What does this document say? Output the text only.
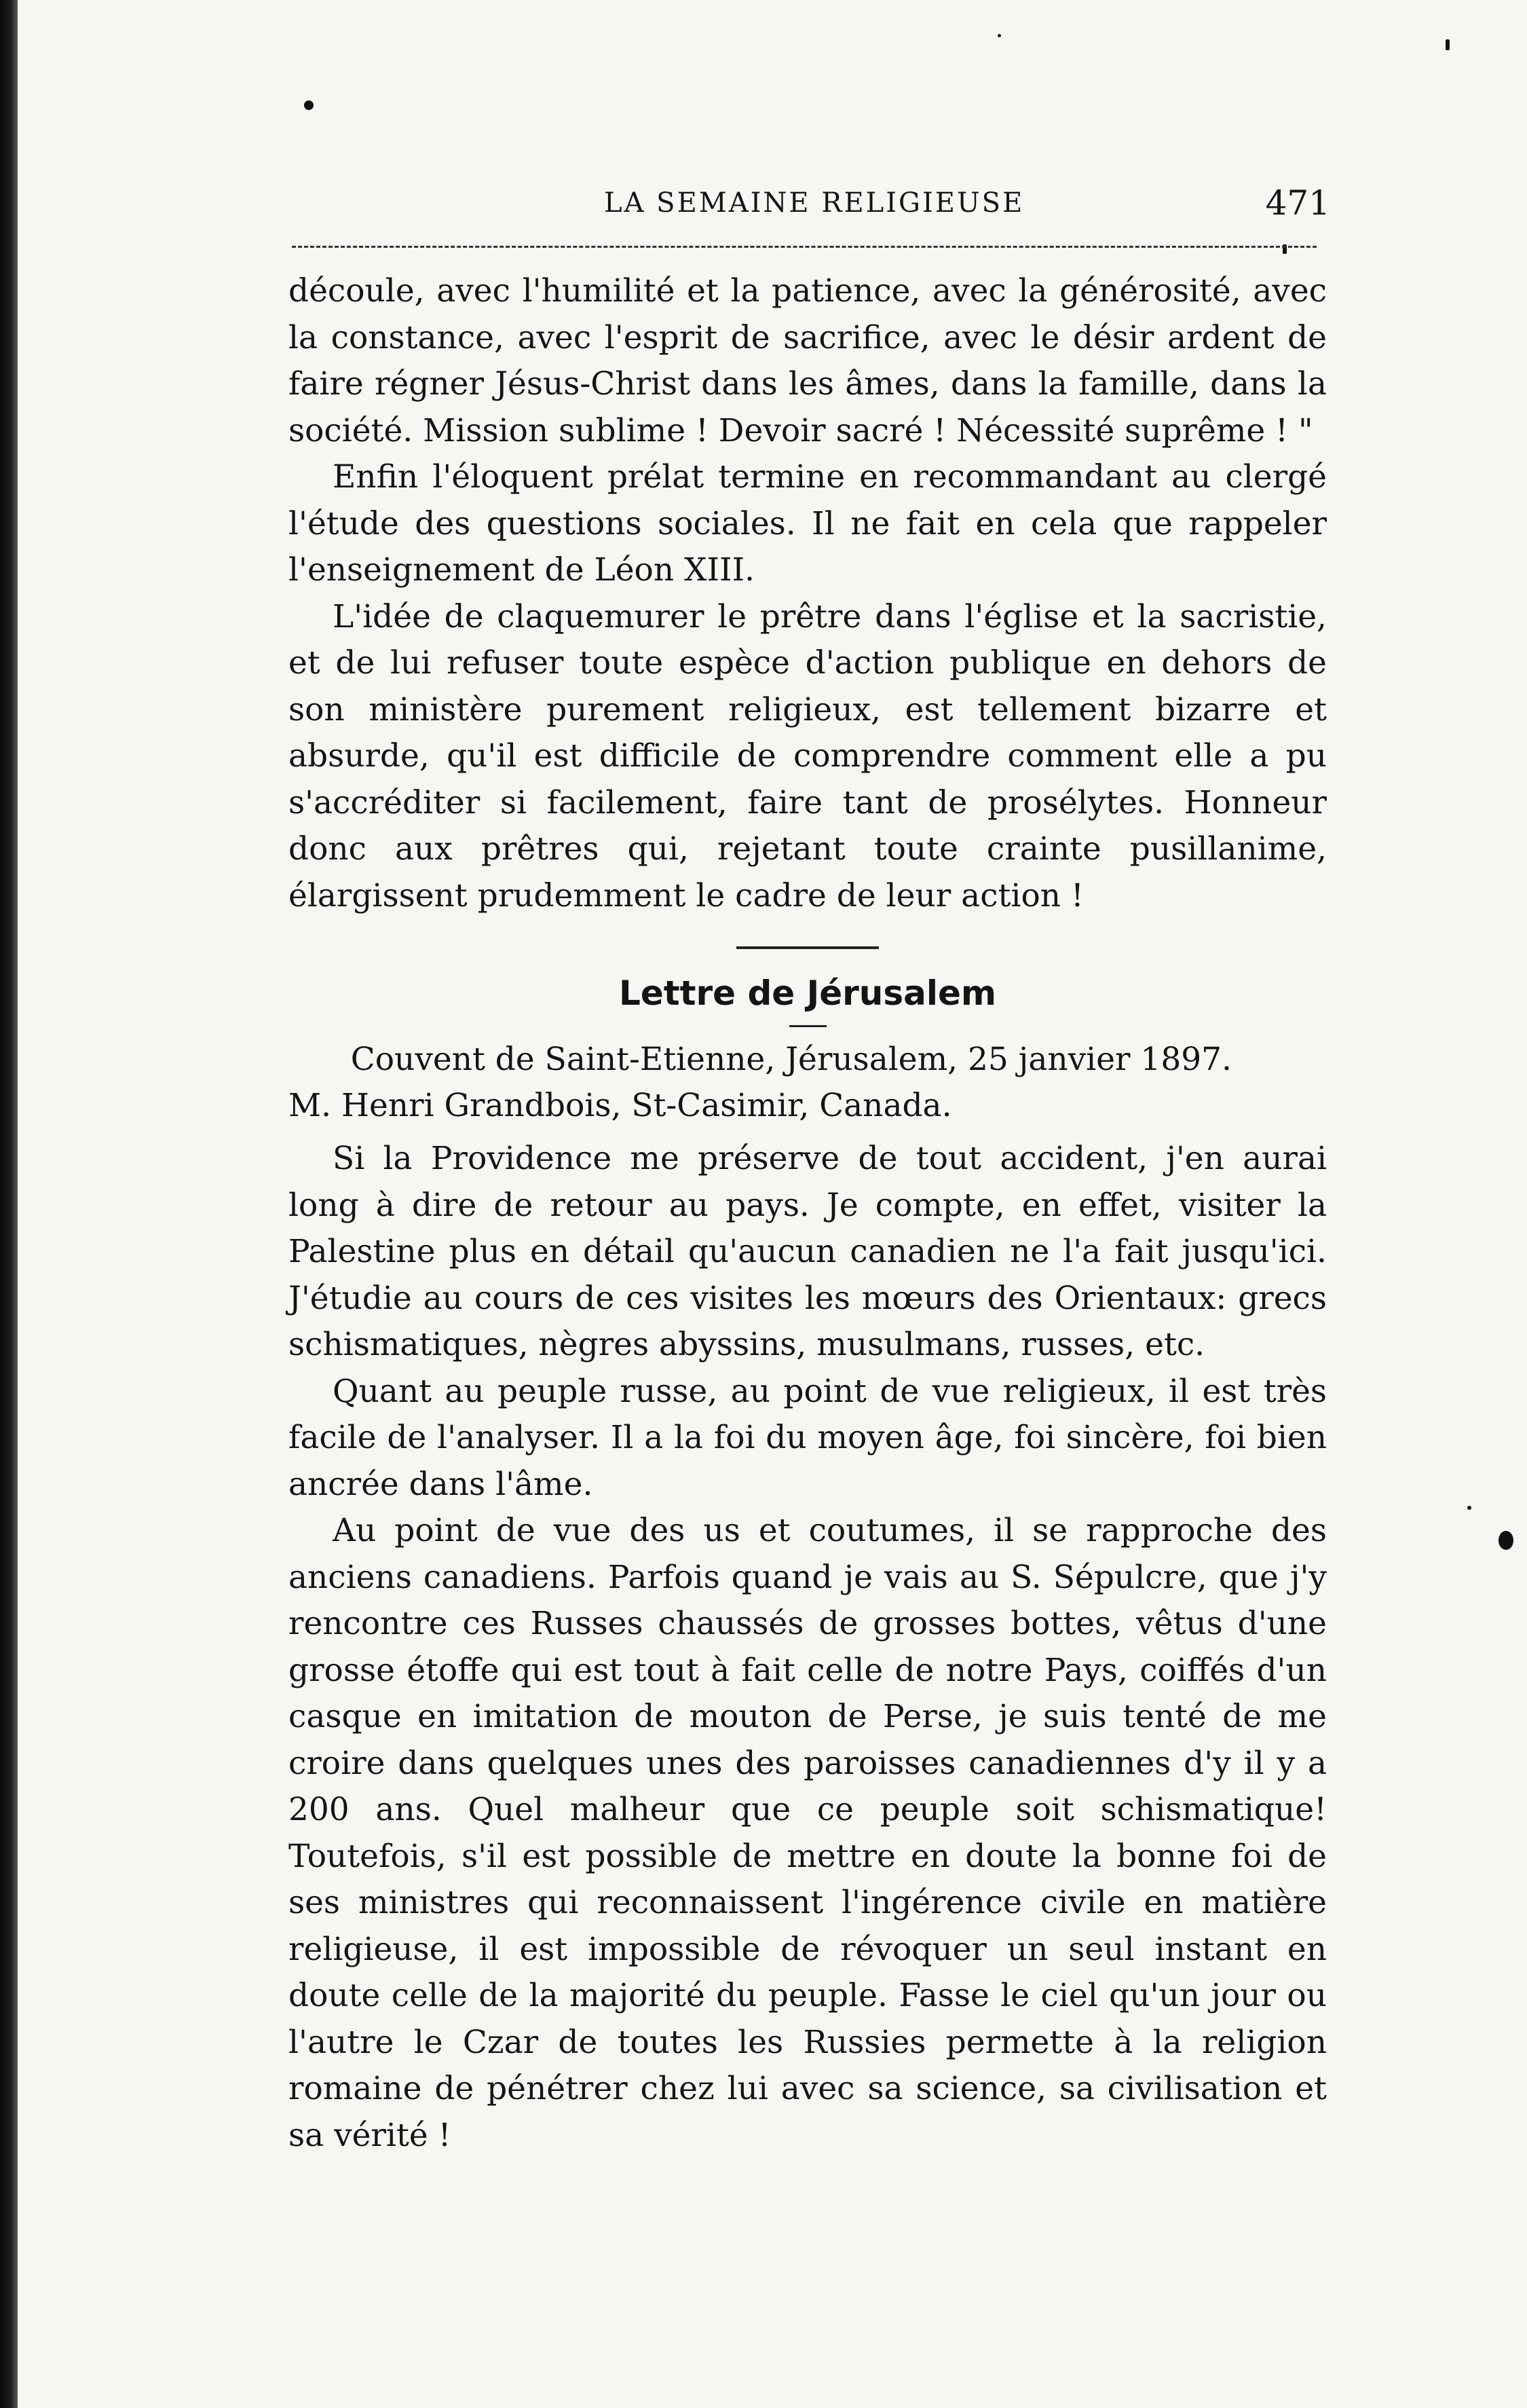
LA SEMAINE RELIGIEUSE	471

découle, avec l'humilité et la patience, avec la générosité, avec la constance, avec l'esprit de sacrifice, avec le désir ardent de faire régner Jésus-Christ dans les âmes, dans la famille, dans la société. Mission sublime ! Devoir sacré ! Nécessité suprême ! "

Enfin l'éloquent prélat termine en recommandant au clergé l'étude des questions sociales. Il ne fait en cela que rappeler l'enseignement de Léon XIII.

L'idée de claquemurer le prêtre dans l'église et la sacristie, et de lui refuser toute espèce d'action publique en dehors de son ministère purement religieux, est tellement bizarre et absurde, qu'il est difficile de comprendre comment elle a pu s'accréditer si facilement, faire tant de prosélytes. Honneur donc aux prêtres qui, rejetant toute crainte pusillanime, élargissent prudemment le cadre de leur action !

Lettre de Jérusalem
Couvent de Saint-Etienne, Jérusalem, 25 janvier 1897.
M. Henri Grandbois, St-Casimir, Canada.

Si la Providence me préserve de tout accident, j'en aurai long à dire de retour au pays. Je compte, en effet, visiter la Palestine plus en détail qu'aucun canadien ne l'a fait jusqu'ici. J'étudie au cours de ces visites les mœurs des Orientaux: grecs schismatiques, nègres abyssins, musulmans, russes, etc.

Quant au peuple russe, au point de vue religieux, il est très facile de l'analyser. Il a la foi du moyen âge, foi sincère, foi bien ancrée dans l'âme.

Au point de vue des us et coutumes, il se rapproche des anciens canadiens. Parfois quand je vais au S. Sépulcre, que j'y rencontre ces Russes chaussés de grosses bottes, vêtus d'une grosse étoffe qui est tout à fait celle de notre Pays, coiffés d'un casque en imitation de mouton de Perse, je suis tenté de me croire dans quelques unes des paroisses canadiennes d'y il y a 200 ans. Quel malheur que ce peuple soit schismatique! Toutefois, s'il est possible de mettre en doute la bonne foi de ses ministres qui reconnaissent l'ingérence civile en matière religieuse, il est impossible de révoquer un seul instant en doute celle de la majorité du peuple. Fasse le ciel qu'un jour ou l'autre le Czar de toutes les Russies permette à la religion romaine de pénétrer chez lui avec sa science, sa civilisation et sa vérité !
